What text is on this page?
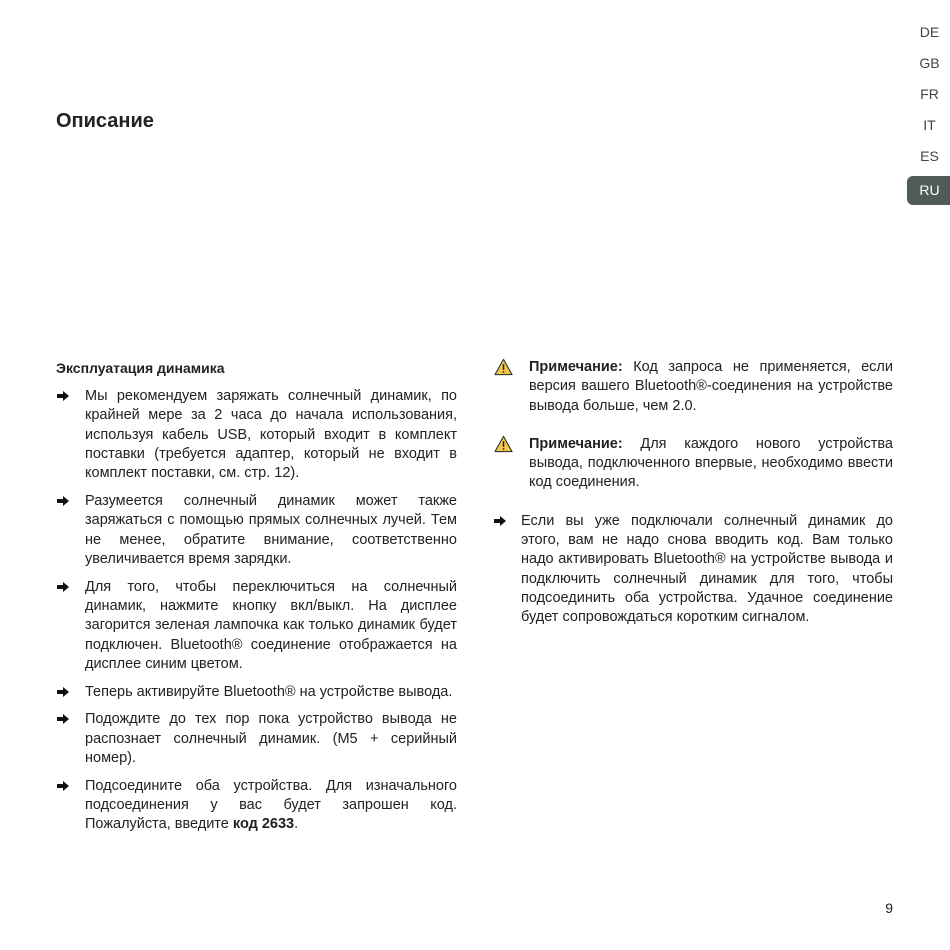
DE
GB
FR
IT
ES
RU
Описание
Эксплуатация динамика
Мы рекомендуем заряжать солнечный динамик, по крайней мере за 2 часа до начала использования, используя кабель USB, который входит в комплект поставки (требуется адаптер, который не входит в комплект поставки, см. стр. 12).
Разумеется солнечный динамик может также заряжаться с помощью прямых солнечных лучей. Тем не менее, обратите внимание, соответственно увеличивается время зарядки.
Для того, чтобы переключиться на солнечный динамик, нажмите кнопку вкл/выкл. На дисплее загорится зеленая лампочка как только динамик будет подключен. Bluetooth® соединение отображается на дисплее синим цветом.
Теперь активируйте Bluetooth® на устройстве вывода.
Подождите до тех пор пока устройство вывода не распознает солнечный динамик. (M5 + серийный номер).
Подсоедините оба устройства. Для изначального подсоединения у вас будет запрошен код. Пожалуйста, введите код 2633.
Примечание: Код запроса не применяется, если версия вашего Bluetooth®-соединения на устройстве вывода больше, чем 2.0.
Примечание: Для каждого нового устройства вывода, подключенного впервые, необходимо ввести код соединения.
Если вы уже подключали солнечный динамик до этого, вам не надо снова вводить код. Вам только надо активировать Bluetooth® на устройстве вывода и подключить солнечный динамик для того, чтобы подсоединить оба устройства. Удачное соединение будет сопровождаться коротким сигналом.
9
